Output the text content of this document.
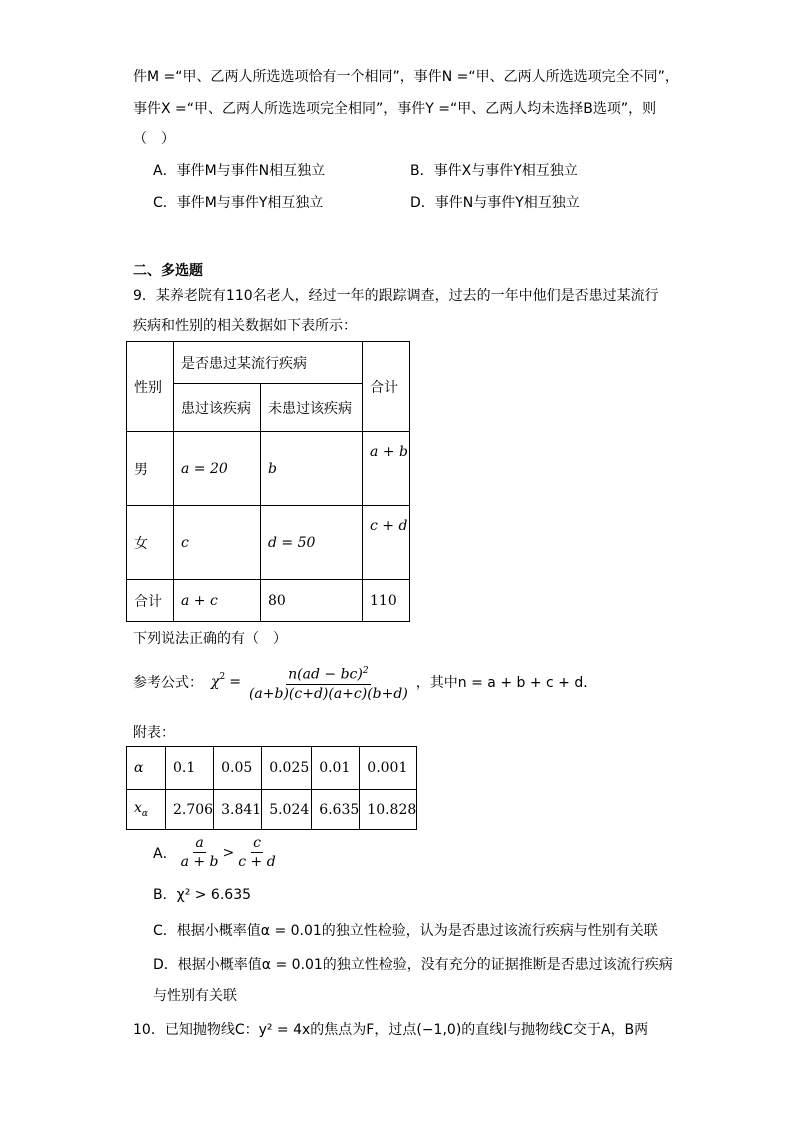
件M =“甲、乙两人所选选项恰有一个相同”，事件N =“甲、乙两人所选选项完全不同”，
事件X =“甲、乙两人所选选项完全相同”，事件Y =“甲、乙两人均未选择B选项”，则
（　）
A．事件M与事件N相互独立	B．事件X与事件Y相互独立
C．事件M与事件Y相互独立	D．事件N与事件Y相互独立
二、多选题
9．某养老院有110名老人，经过一年的跟踪调查，过去的一年中他们是否患过某流行
疾病和性别的相关数据如下表所示：
性别	是否患过某流行疾病		合计
	患过该疾病	未患过该疾病	
男	a = 20	b	a + b
女	c	d = 50	c + d
合计	a + c	80	110
下列说法正确的有（　）
参考公式： $\chi^2 = \frac{n(ad - bc)^2}{(a+b)(c+d)(a+c)(b+d)}$ ，其中n = a + b + c + d．
附表：
α	0.1	0.05	0.025	0.01	0.001
$x_\alpha$	2.706	3.841	5.024	6.635	10.828
A． $\frac{a}{a + b} > \frac{c}{c + d}$
B．χ² > 6.635
C．根据小概率值α = 0.01的独立性检验，认为是否患过该流行疾病与性别有关联
D．根据小概率值α = 0.01的独立性检验，没有充分的证据推断是否患过该流行疾病
与性别有关联
10．已知抛物线C：y² = 4x的焦点为F，过点(−1,0)的直线l与抛物线C交于A，B两
